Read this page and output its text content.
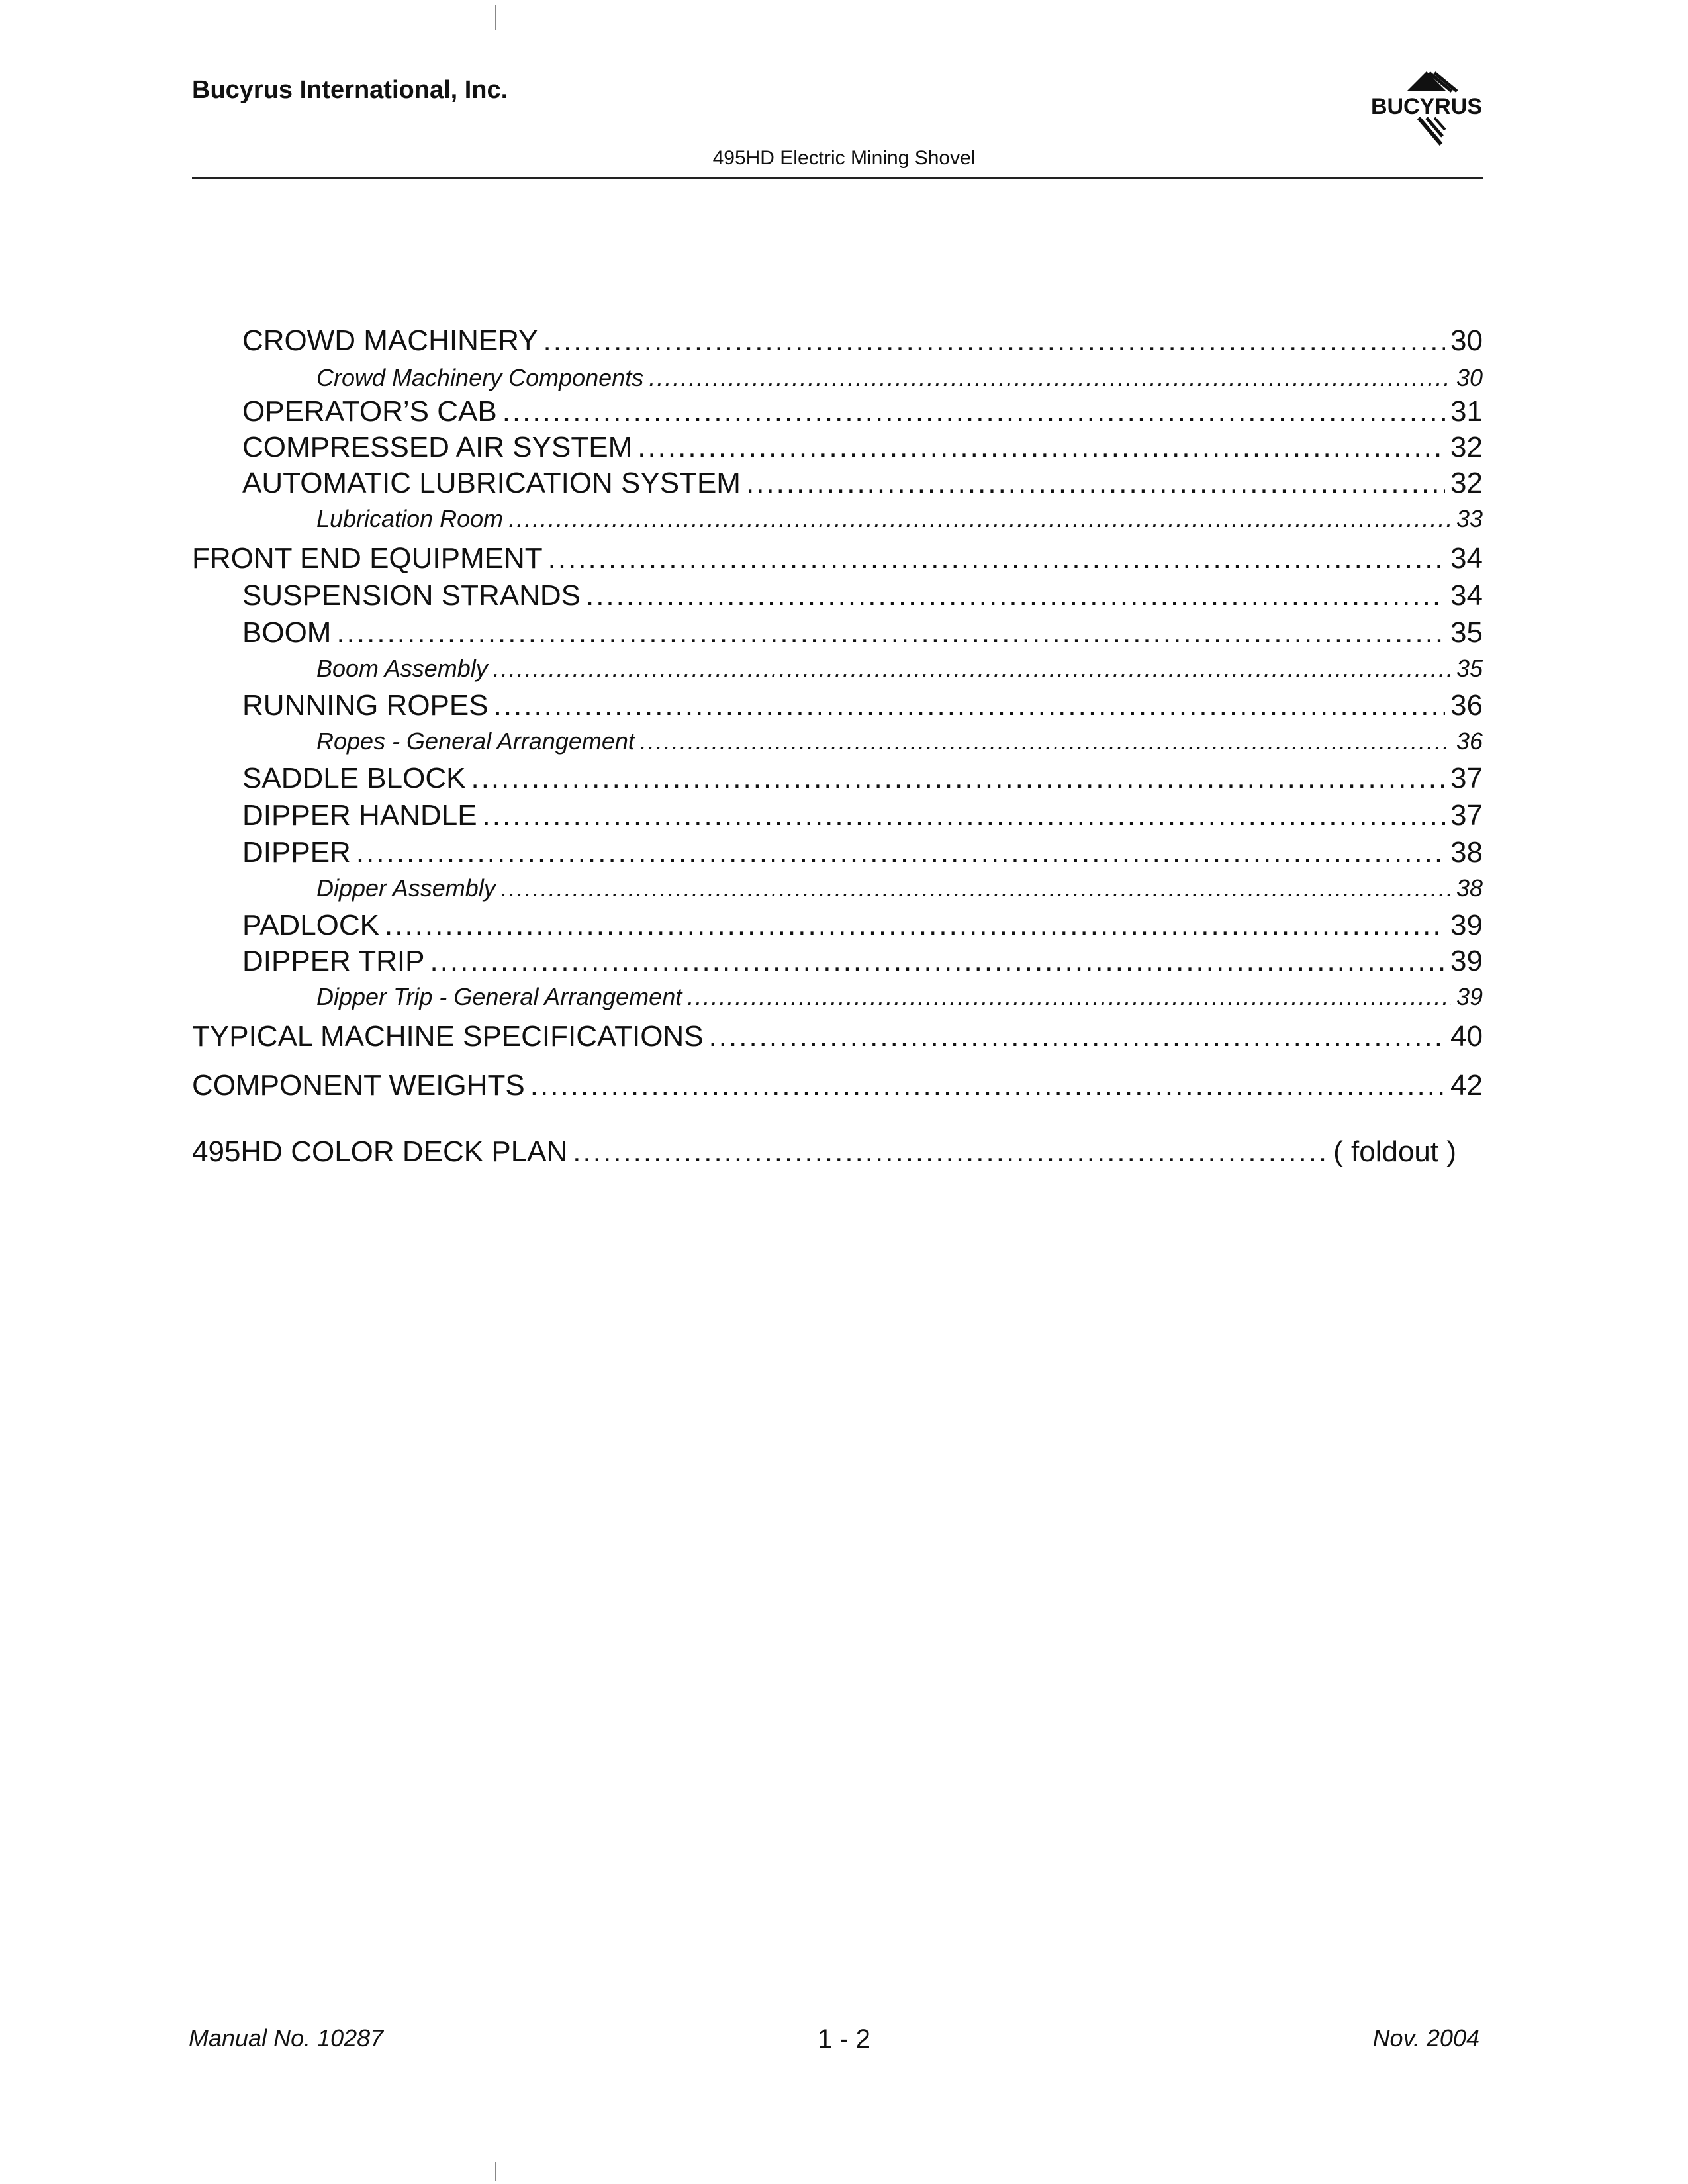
Bucyrus International, Inc.

BUCYRUS
495HD Electric Mining Shovel
CROWD MACHINERY .....	30
Crowd Machinery Components .....	30
OPERATOR’S CAB .....	31
COMPRESSED AIR SYSTEM .....	32
AUTOMATIC LUBRICATION SYSTEM .....	32
Lubrication Room .....	33
FRONT END EQUIPMENT .....	34
SUSPENSION STRANDS .....	34
BOOM .....	35
Boom Assembly .....	35
RUNNING ROPES .....	36
Ropes - General Arrangement .....	36
SADDLE BLOCK .....	37
DIPPER HANDLE .....	37
DIPPER .....	38
Dipper Assembly .....	38
PADLOCK .....	39
DIPPER TRIP .....	39
Dipper Trip - General Arrangement .....	39
TYPICAL MACHINE SPECIFICATIONS .....	40
COMPONENT WEIGHTS .....	42
495HD COLOR DECK PLAN .....	( foldout )
Manual No. 10287	1 - 2	Nov. 2004
